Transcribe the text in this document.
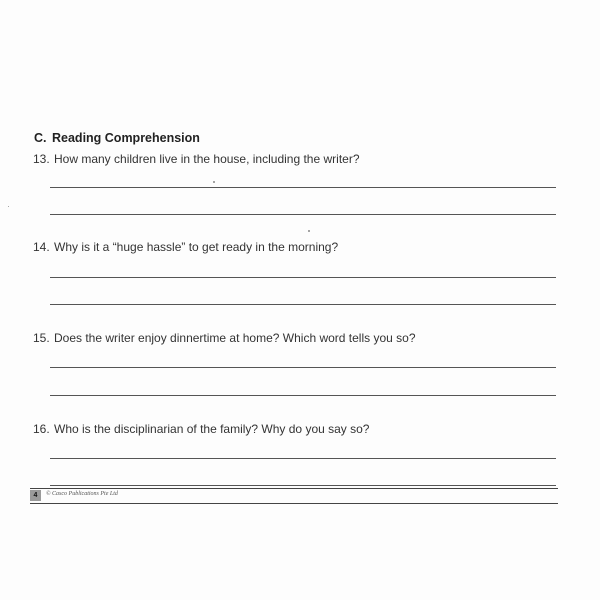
C. Reading Comprehension
13. How many children live in the house, including the writer?
14. Why is it a “huge hassle” to get ready in the morning?
15. Does the writer enjoy dinnertime at home? Which word tells you so?
16. Who is the disciplinarian of the family? Why do you say so?
4	© Casco Publications Pte Ltd
